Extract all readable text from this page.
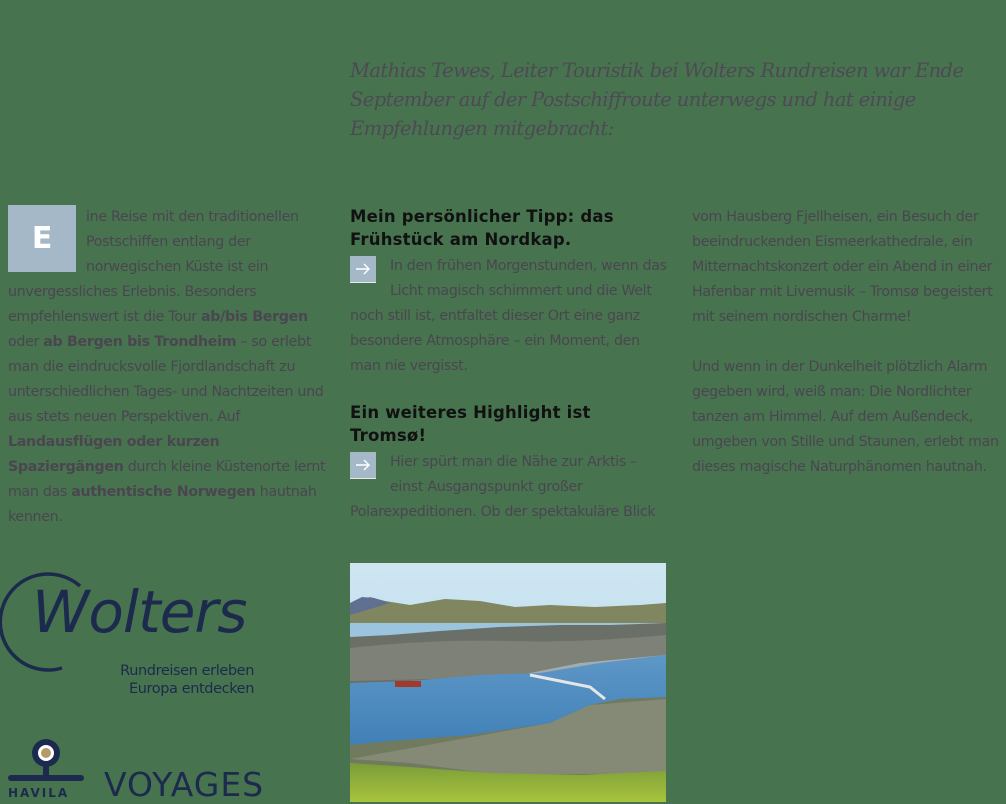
Mathias Tewes, Leiter Touristik bei Wolters Rundreisen war Ende September auf der Postschiffroute unterwegs und hat einige Empfehlungen mitgebracht:
E
ine Reise mit den traditionellen Postschiffen entlang der norwegischen Küste ist ein unvergessliches Erlebnis. Besonders empfehlenswert ist die Tour ab/bis Bergen oder ab Bergen bis Trondheim – so erlebt man die eindrucksvolle Fjordlandschaft zu unterschiedlichen Tages- und Nachtzeiten und aus stets neuen Perspektiven. Auf Landausflügen oder kurzen Spaziergängen durch kleine Küstenorte lernt man das authentische Norwegen hautnah kennen.
Mein persönlicher Tipp: das Frühstück am Nordkap.
In den frühen Morgenstunden, wenn das Licht magisch schimmert und die Welt noch still ist, entfaltet dieser Ort eine ganz besondere Atmosphäre – ein Moment, den man nie vergisst.
Ein weiteres Highlight ist Tromsø!
Hier spürt man die Nähe zur Arktis – einst Ausgangspunkt großer Polarexpeditionen. Ob der spektakuläre Blick

vom Hausberg Fjellheisen, ein Besuch der beeindruckenden Eismeerkathedrale, ein Mitternachtskonzert oder ein Abend in einer Hafenbar mit Livemusik – Tromsø begeistert mit seinem nordischen Charme!

Und wenn in der Dunkelheit plötzlich Alarm gegeben wird, weiß man: Die Nordlichter tanzen am Himmel. Auf dem Außendeck, umgeben von Stille und Staunen, erlebt man dieses magische Naturphänomen hautnah.

Wolters
Rundreisen erleben
Europa entdecken
HAVILA VOYAGES
